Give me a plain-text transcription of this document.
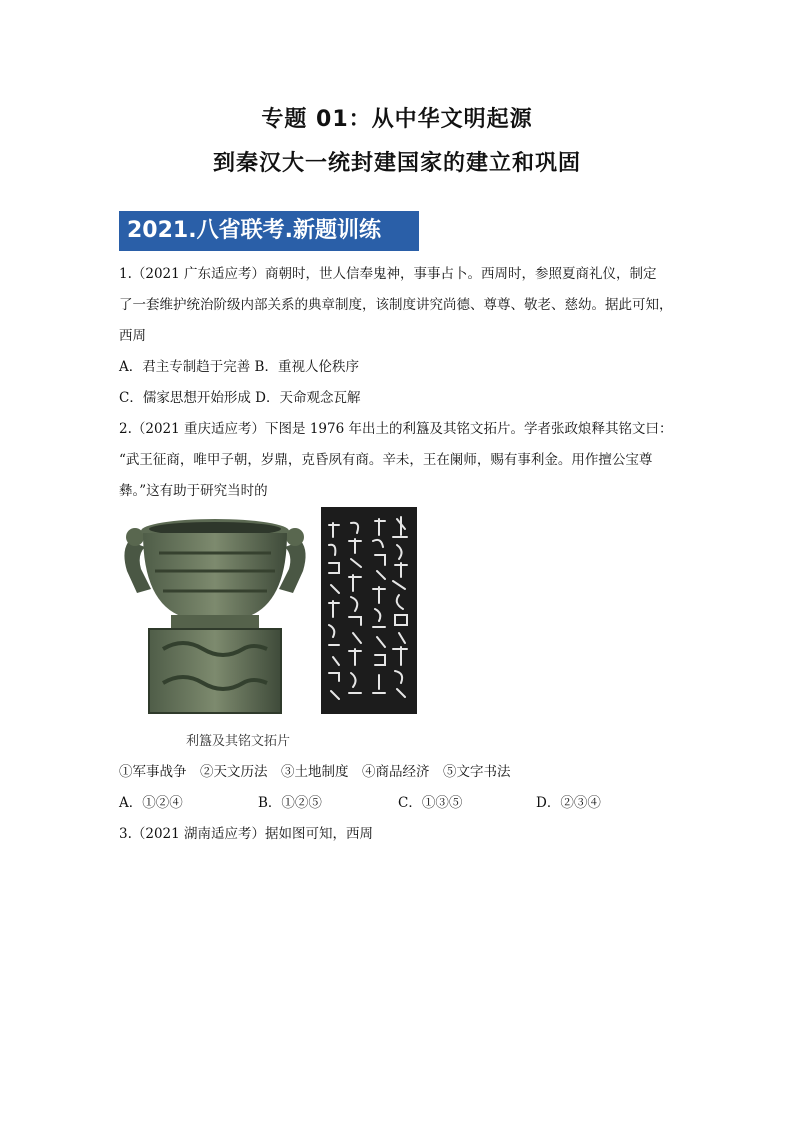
专题 01：从中华文明起源
到秦汉大一统封建国家的建立和巩固
2021.八省联考.新题训练
1.（2021 广东适应考）商朝时，世人信奉鬼神，事事占卜。西周时，参照夏商礼仪，制定
了一套维护统治阶级内部关系的典章制度，该制度讲究尚德、尊尊、敬老、慈幼。据此可知，
西周
A．君主专制趋于完善 B．重视人伦秩序
C．儒家思想开始形成 D．天命观念瓦解
2.（2021 重庆适应考）下图是 1976 年出土的利簋及其铭文拓片。学者张政烺释其铭文曰：
“武王征商，唯甲子朝，岁鼎，克昏夙有商。辛未，王在阑师，赐有事利金。用作擅公宝尊
彝。”这有助于研究当时的
利簋及其铭文拓片
①军事战争　②天文历法　③土地制度　④商品经济　⑤文字书法
A．①②④	B．①②⑤	C．①③⑤	D．②③④
3.（2021 湖南适应考）据如图可知，西周
